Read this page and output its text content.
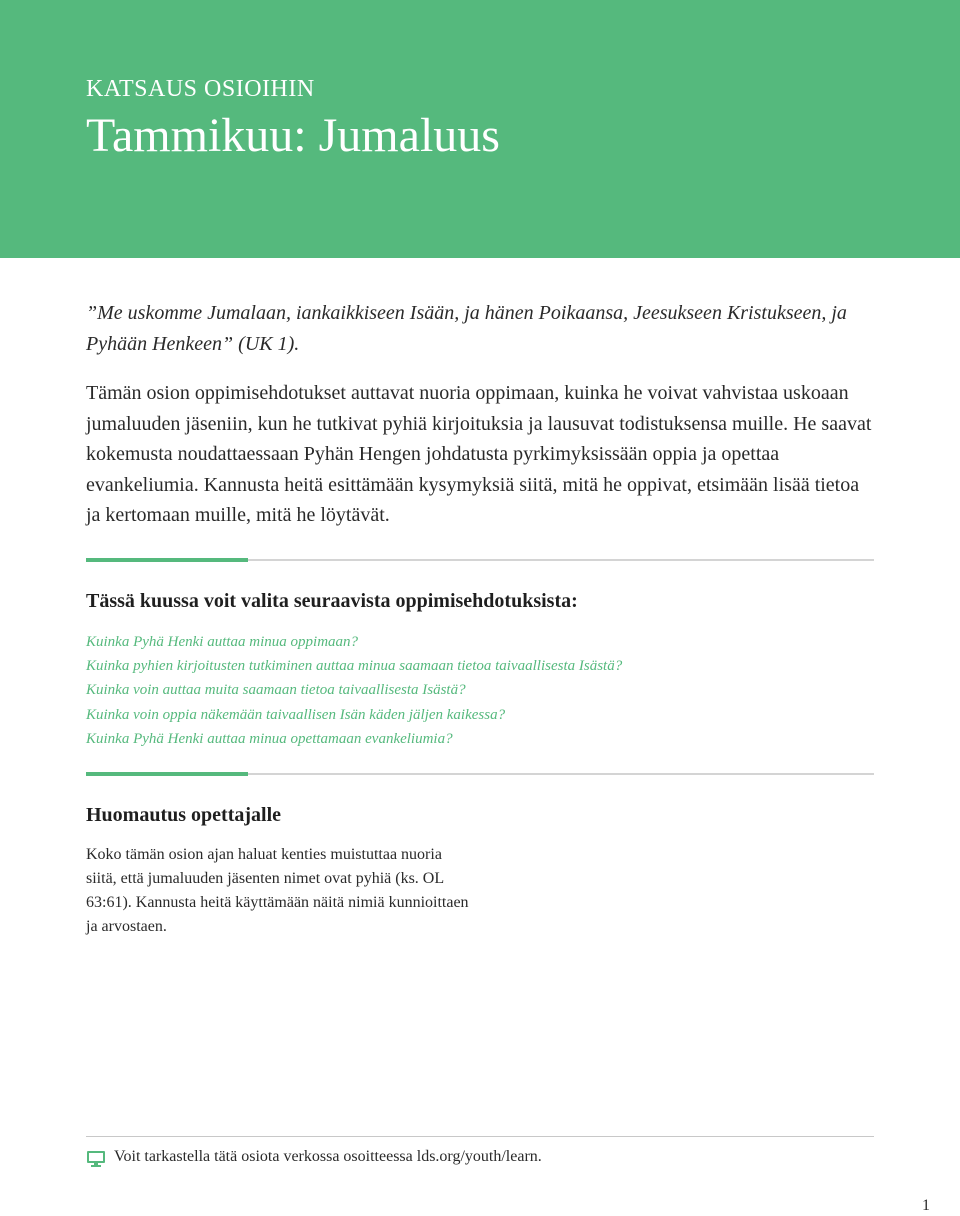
KATSAUS OSIOIHIN
Tammikuu: Jumaluus
”Me uskomme Jumalaan, iankaikkiseen Isään, ja hänen Poikaansa, Jeesukseen Kristukseen, ja Pyhään Henkeen” (UK 1).
Tämän osion oppimisehdotukset auttavat nuoria oppimaan, kuinka he voivat vahvistaa uskoaan jumaluuden jäseniin, kun he tutkivat pyhiä kirjoituksia ja lausuvat todistuksensa muille. He saavat kokemusta noudattaessaan Pyhän Hengen johdatusta pyrkimyksissään oppia ja opettaa evankeliumia. Kannusta heitä esittämään kysymyksiä siitä, mitä he oppivat, etsimään lisää tietoa ja kertomaan muille, mitä he löytävät.
Tässä kuussa voit valita seuraavista oppimisehdotuksista:
Kuinka Pyhä Henki auttaa minua oppimaan?
Kuinka pyhien kirjoitusten tutkiminen auttaa minua saamaan tietoa taivaallisesta Isästä?
Kuinka voin auttaa muita saamaan tietoa taivaallisesta Isästä?
Kuinka voin oppia näkemään taivaallisen Isän käden jäljen kaikessa?
Kuinka Pyhä Henki auttaa minua opettamaan evankeliumia?
Huomautus opettajalle
Koko tämän osion ajan haluat kenties muistuttaa nuoria siitä, että jumaluuden jäsenten nimet ovat pyhiä (ks. OL 63:61). Kannusta heitä käyttämään näitä nimiä kunnioittaen ja arvostaen.
Voit tarkastella tätä osiota verkossa osoitteessa lds.org/youth/learn.
1
